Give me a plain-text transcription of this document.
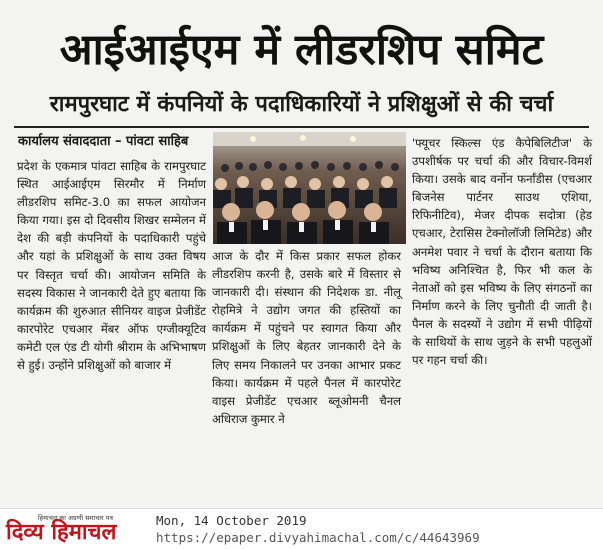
आईआईएम में लीडरशिप समिट
रामपुरघाट में कंपनियों के पदाधिकारियों ने प्रशिक्षुओं से की चर्चा
कार्यालय संवाददाता – पांवटा साहिब

प्रदेश के एकमात्र पांवटा साहिब के रामपुरघाट स्थित आईआईएम सिरमौर में निर्माण लीडरशिप समिट-3.0 का सफल आयोजन किया गया। इस दो दिवसीय शिखर सम्मेलन में देश की बड़ी कंपनियों के पदाधिकारी पहुंचे और यहां के प्रशिक्षुओं के साथ उक्त विषय पर विस्तृत चर्चा की। आयोजन समिति के सदस्य विकास ने जानकारी देते हुए बताया कि कार्यक्रम की शुरुआत सीनियर वाइज प्रेजीडेंट कारपोरेट एचआर मेंबर ऑफ एग्जीक्यूटिव कमेटी एल एंड टी योगी श्रीराम के अभिभाषण से हुई। उन्होंने प्रशिक्षुओं को बाजार में

आज के दौर में किस प्रकार सफल होकर लीडरशिप करनी है, उसके बारे में विस्तार से जानकारी दी। संस्थान की निदेशक डा. नीलू रोहमित्रे ने उद्योग जगत की हस्तियों का कार्यक्रम में पहुंचने पर स्वागत किया और प्रशिक्षुओं के लिए बेहतर जानकारी देने के लिए समय निकालने पर उनका आभार प्रकट किया। कार्यक्रम में पहले पैनल में कारपोरेट वाइस प्रेजीडेंट एचआर ब्लूओमनी चैनल अधिराज कुमार ने

'फ्यूचर स्किल्स एंड कैपेबिलिटीज' के उपशीर्षक पर चर्चा की और विचार-विमर्श किया। उसके बाद वर्नोन फर्नांडीस (एचआर बिजनेस पार्टनर साउथ एशिया, रिफिनीटिव), मेजर दीपक सदोत्रा (हेड एचआर, टेरासिस टेक्नोलॉजी लिमिटेड) और अनमेश पवार ने चर्चा के दौरान बताया कि भविष्य अनिश्चित है, फिर भी कल के नेताओं को इस भविष्य के लिए संगठनों का निर्माण करने के लिए चुनौती दी जाती है। पैनल के सदस्यों ने उद्योग में सभी पीढ़ियों के साथियों के साथ जुड़ने के सभी पहलुओं पर गहन चर्चा की।

हिमाचल का अग्रणी समाचार पत्र
दिव्य हिमाचल	Mon, 14 October 2019
https://epaper.divyahimachal.com/c/44643969
